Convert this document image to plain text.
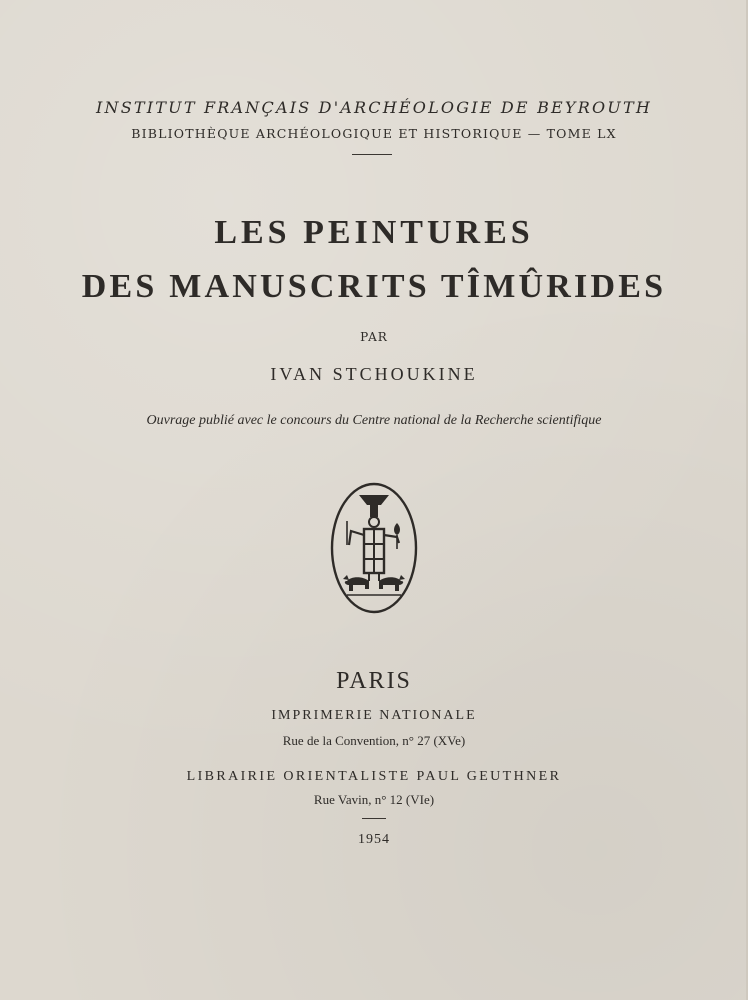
INSTITUT FRANÇAIS D'ARCHÉOLOGIE DE BEYROUTH
BIBLIOTHÈQUE ARCHÉOLOGIQUE ET HISTORIQUE — TOME LX
LES PEINTURES
DES MANUSCRITS TÎMÛRIDES
PAR
IVAN STCHOUKINE
Ouvrage publié avec le concours du Centre national de la Recherche scientifique
PARIS
IMPRIMERIE NATIONALE
Rue de la Convention, n° 27 (XVe)
LIBRAIRIE ORIENTALISTE PAUL GEUTHNER
Rue Vavin, n° 12 (VIe)
1954
